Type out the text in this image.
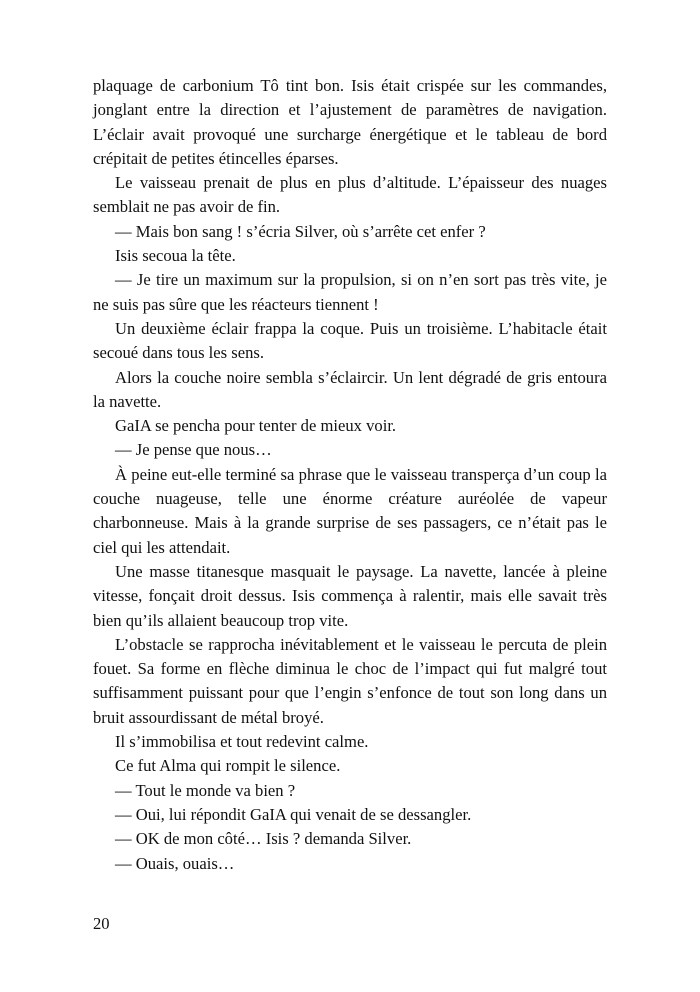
plaquage de carbonium Tô tint bon. Isis était crispée sur les commandes, jonglant entre la direction et l’ajustement de paramètres de navigation. L’éclair avait provoqué une surcharge énergétique et le tableau de bord crépitait de petites étincelles éparses.

Le vaisseau prenait de plus en plus d’altitude. L’épaisseur des nuages semblait ne pas avoir de fin.

— Mais bon sang ! s’écria Silver, où s’arrête cet enfer ?

Isis secoua la tête.

— Je tire un maximum sur la propulsion, si on n’en sort pas très vite, je ne suis pas sûre que les réacteurs tiennent !

Un deuxième éclair frappa la coque. Puis un troisième. L’habitacle était secoué dans tous les sens.

Alors la couche noire sembla s’éclaircir. Un lent dégradé de gris entoura la navette.

GaIA se pencha pour tenter de mieux voir.

— Je pense que nous…

À peine eut-elle terminé sa phrase que le vaisseau transperça d’un coup la couche nuageuse, telle une énorme créature auréolée de vapeur charbonneuse. Mais à la grande surprise de ses passagers, ce n’était pas le ciel qui les attendait.

Une masse titanesque masquait le paysage. La navette, lancée à pleine vitesse, fonçait droit dessus. Isis commença à ralentir, mais elle savait très bien qu’ils allaient beaucoup trop vite.

L’obstacle se rapprocha inévitablement et le vaisseau le percuta de plein fouet. Sa forme en flèche diminua le choc de l’impact qui fut malgré tout suffisamment puissant pour que l’engin s’enfonce de tout son long dans un bruit assourdissant de métal broyé.

Il s’immobilisa et tout redevint calme.

Ce fut Alma qui rompit le silence.

— Tout le monde va bien ?

— Oui, lui répondit GaIA qui venait de se dessangler.

— OK de mon côté… Isis ? demanda Silver.

— Ouais, ouais…

20
